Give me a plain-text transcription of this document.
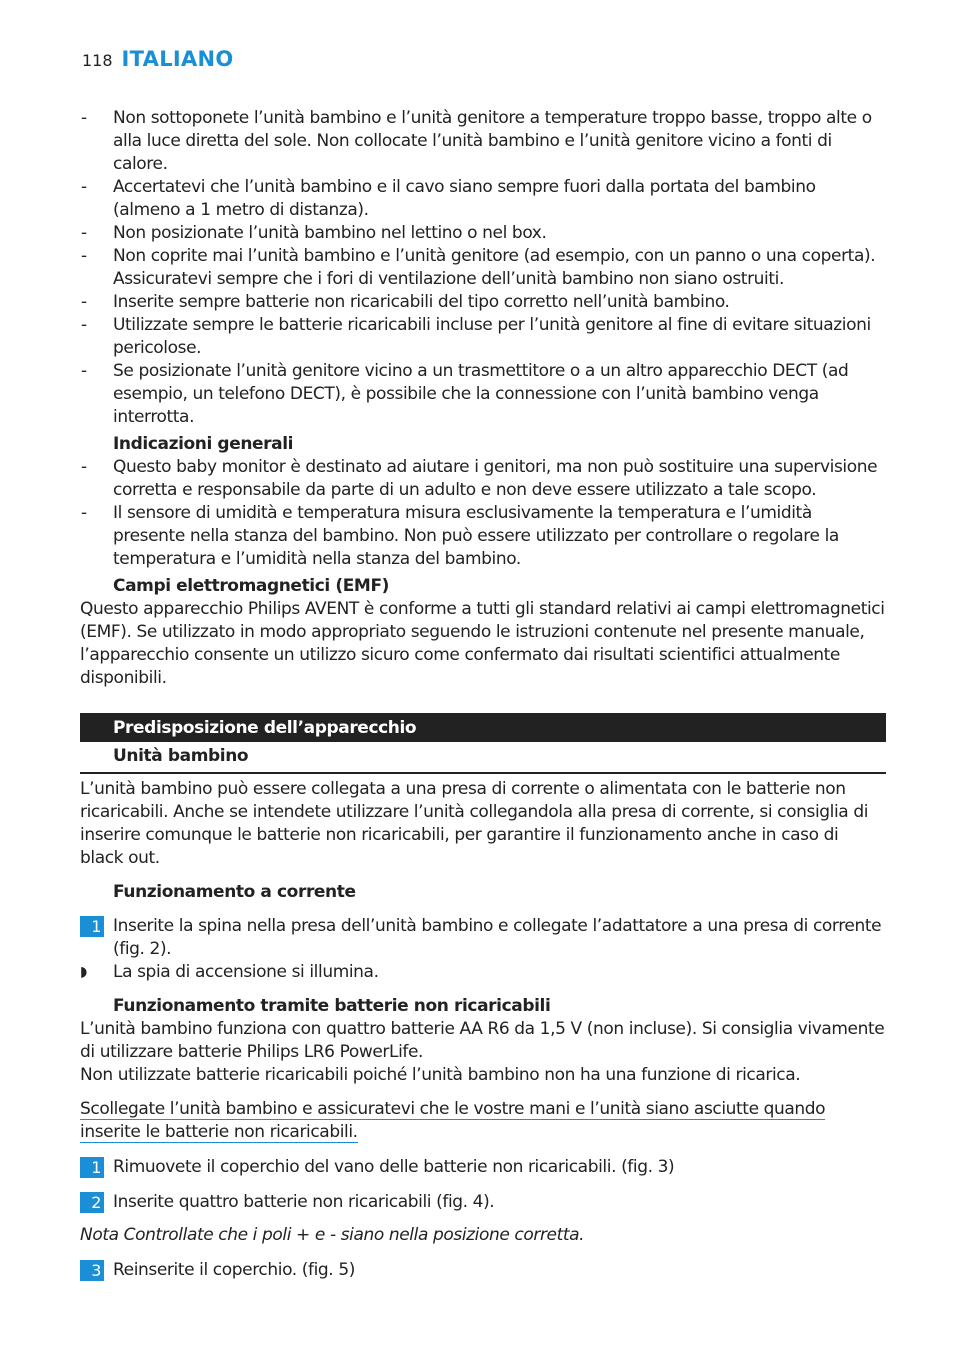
118 ITALIANO
- Non sottoponete l’unità bambino e l’unità genitore a temperature troppo basse, troppo alte o alla luce diretta del sole. Non collocate l’unità bambino e l’unità genitore vicino a fonti di calore.
- Accertatevi che l’unità bambino e il cavo siano sempre fuori dalla portata del bambino (almeno a 1 metro di distanza).
- Non posizionate l’unità bambino nel lettino o nel box.
- Non coprite mai l’unità bambino e l’unità genitore (ad esempio, con un panno o una coperta). Assicuratevi sempre che i fori di ventilazione dell’unità bambino non siano ostruiti.
- Inserite sempre batterie non ricaricabili del tipo corretto nell’unità bambino.
- Utilizzate sempre le batterie ricaricabili incluse per l’unità genitore al fine di evitare situazioni pericolose.
- Se posizionate l’unità genitore vicino a un trasmettitore o a un altro apparecchio DECT (ad esempio, un telefono DECT), è possibile che la connessione con l’unità bambino venga interrotta.
Indicazioni generali
- Questo baby monitor è destinato ad aiutare i genitori, ma non può sostituire una supervisione corretta e responsabile da parte di un adulto e non deve essere utilizzato a tale scopo.
- Il sensore di umidità e temperatura misura esclusivamente la temperatura e l’umidità presente nella stanza del bambino. Non può essere utilizzato per controllare o regolare la temperatura e l’umidità nella stanza del bambino.
Campi elettromagnetici (EMF)
Questo apparecchio Philips AVENT è conforme a tutti gli standard relativi ai campi elettromagnetici (EMF). Se utilizzato in modo appropriato seguendo le istruzioni contenute nel presente manuale, l’apparecchio consente un utilizzo sicuro come confermato dai risultati scientifici attualmente disponibili.
Predisposizione dell’apparecchio
Unità bambino
L’unità bambino può essere collegata a una presa di corrente o alimentata con le batterie non ricaricabili. Anche se intendete utilizzare l’unità collegandola alla presa di corrente, si consiglia di inserire comunque le batterie non ricaricabili, per garantire il funzionamento anche in caso di black out.
Funzionamento a corrente
1 Inserite la spina nella presa dell’unità bambino e collegate l’adattatore a una presa di corrente (fig. 2).
◗ La spia di accensione si illumina.
Funzionamento tramite batterie non ricaricabili
L’unità bambino funziona con quattro batterie AA R6 da 1,5 V (non incluse). Si consiglia vivamente di utilizzare batterie Philips LR6 PowerLife.
Non utilizzate batterie ricaricabili poiché l’unità bambino non ha una funzione di ricarica.
Scollegate l’unità bambino e assicuratevi che le vostre mani e l’unità siano asciutte quando inserite le batterie non ricaricabili.
1 Rimuovete il coperchio del vano delle batterie non ricaricabili. (fig. 3)
2 Inserite quattro batterie non ricaricabili (fig. 4).
Nota Controllate che i poli + e - siano nella posizione corretta.
3 Reinserite il coperchio. (fig. 5)
